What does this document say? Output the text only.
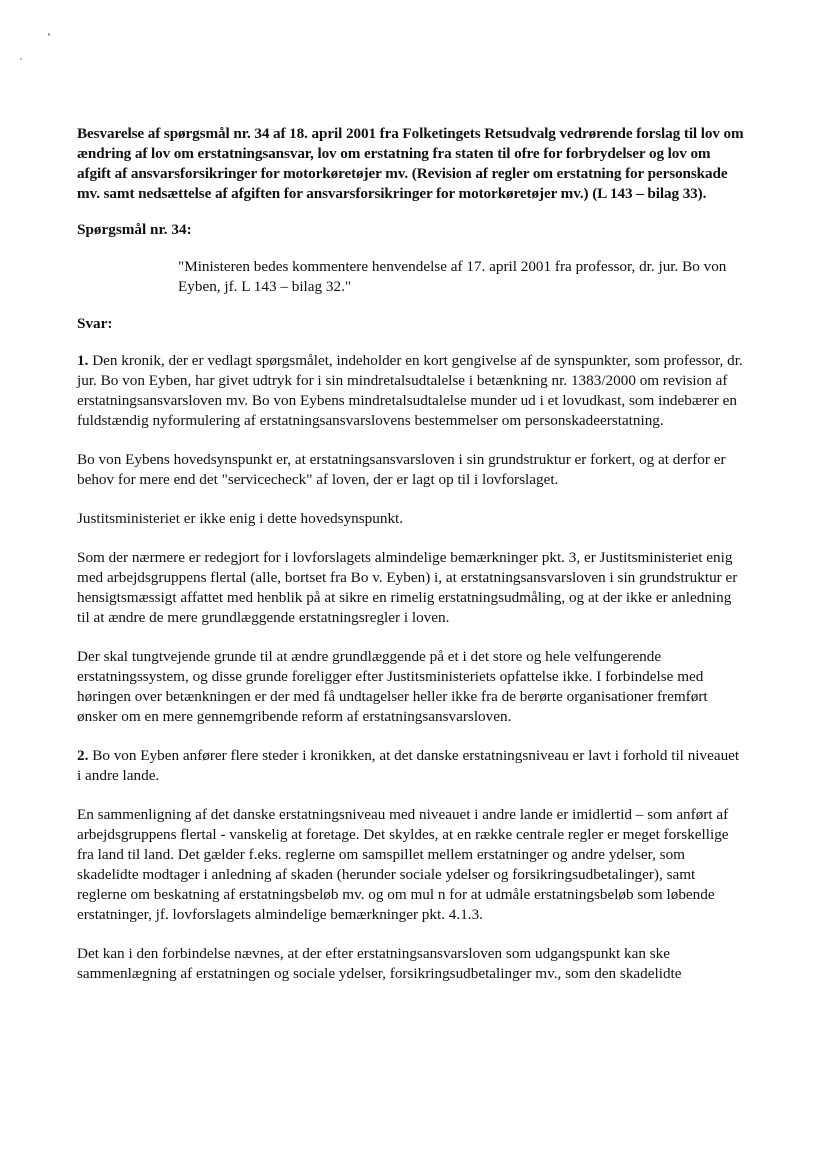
Besvarelse af spørgsmål nr. 34 af 18. april 2001 fra Folketingets Retsudvalg vedrørende forslag til lov om ændring af lov om erstatningsansvar, lov om erstatning fra staten til ofre for forbrydelser og lov om afgift af ansvarsforsikringer for motorkøretøjer mv. (Revision af regler om erstatning for personskade mv. samt nedsættelse af afgiften for ansvarsforsikringer for motorkøretøjer mv.) (L 143 – bilag 33).

Spørgsmål nr. 34:

"Ministeren bedes kommentere henvendelse af 17. april 2001 fra professor, dr. jur. Bo von Eyben, jf. L 143 – bilag 32."

Svar:

1. Den kronik, der er vedlagt spørgsmålet, indeholder en kort gengivelse af de synspunkter, som professor, dr. jur. Bo von Eyben, har givet udtryk for i sin mindretalsudtalelse i betænkning nr. 1383/2000 om revision af erstatningsansvarsloven mv. Bo von Eybens mindretalsudtalelse munder ud i et lovudkast, som indebærer en fuldstændig nyformulering af erstatningsansvarslovens bestemmelser om personskadeerstatning.

Bo von Eybens hovedsynspunkt er, at erstatningsansvarsloven i sin grundstruktur er forkert, og at derfor er behov for mere end det "servicecheck" af loven, der er lagt op til i lovforslaget.

Justitsministeriet er ikke enig i dette hovedsynspunkt.

Som der nærmere er redegjort for i lovforslagets almindelige bemærkninger pkt. 3, er Justitsministeriet enig med arbejdsgruppens flertal (alle, bortset fra Bo v. Eyben) i, at erstatningsansvarsloven i sin grundstruktur er hensigtsmæssigt affattet med henblik på at sikre en rimelig erstatningsudmåling, og at der ikke er anledning til at ændre de mere grundlæggende erstatningsregler i loven.

Der skal tungtvejende grunde til at ændre grundlæggende på et i det store og hele velfungerende erstatningssystem, og disse grunde foreligger efter Justitsministeriets opfattelse ikke. I forbindelse med høringen over betænkningen er der med få undtagelser heller ikke fra de berørte organisationer fremført ønsker om en mere gennemgribende reform af erstatningsansvarsloven.

2. Bo von Eyben anfører flere steder i kronikken, at det danske erstatningsniveau er lavt i forhold til niveauet i andre lande.

En sammenligning af det danske erstatningsniveau med niveauet i andre lande er imidlertid – som anført af arbejdsgruppens flertal - vanskelig at foretage. Det skyldes, at en række centrale regler er meget forskellige fra land til land. Det gælder f.eks. reglerne om samspillet mellem erstatninger og andre ydelser, som skadelidte modtager i anledning af skaden (herunder sociale ydelser og forsikringsudbetalinger), samt reglerne om beskatning af erstatningsbeløb mv. og om mul n for at udmåle erstatningsbeløb som løbende erstatninger, jf. lovforslagets almindelige bemærkninger pkt. 4.1.3.

Det kan i den forbindelse nævnes, at der efter erstatningsansvarsloven som udgangspunkt kan ske sammenlægning af erstatningen og sociale ydelser, forsikringsudbetalinger mv., som den skadelidte
